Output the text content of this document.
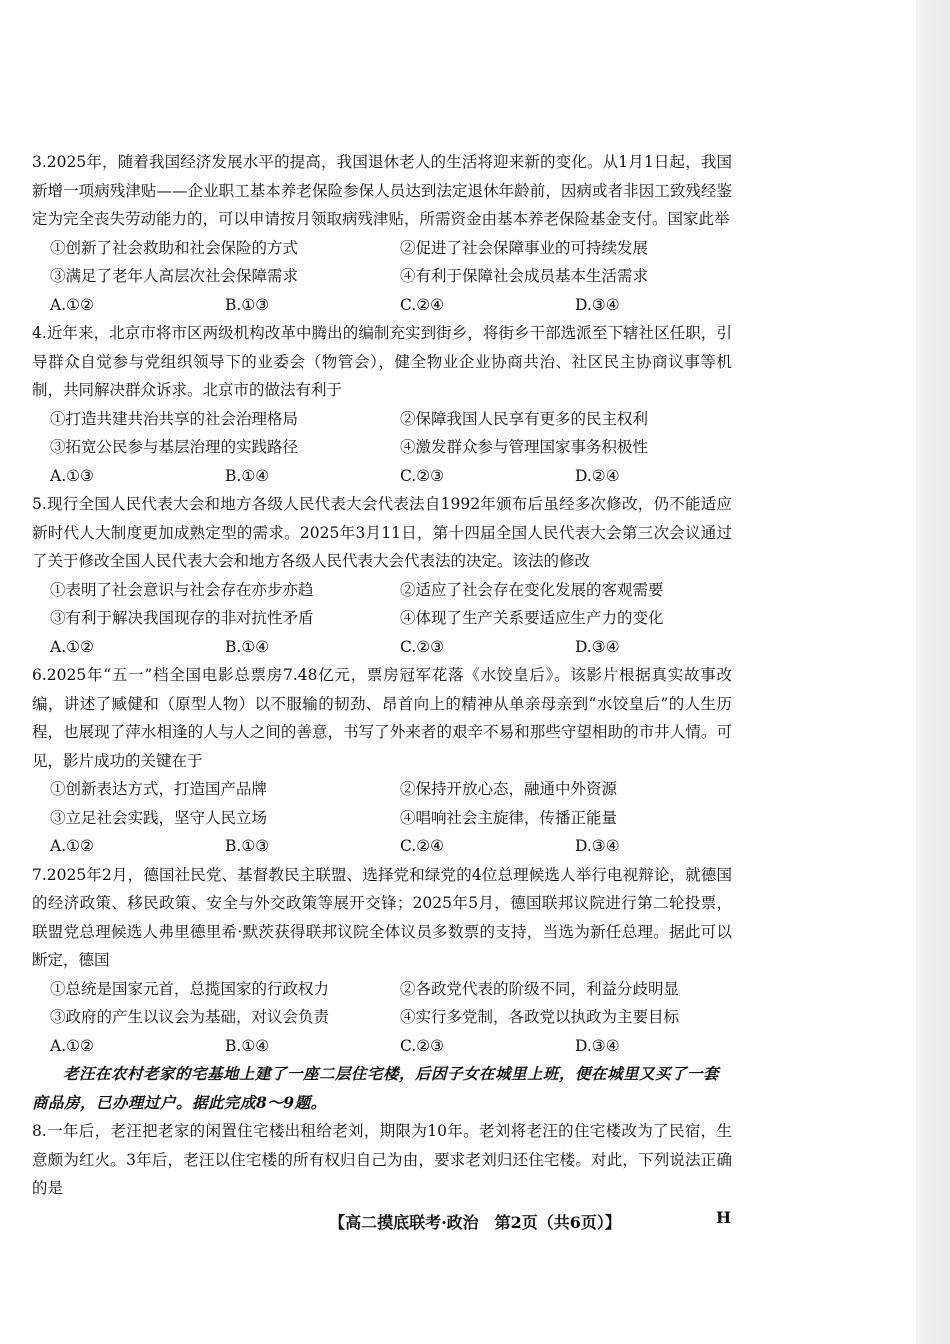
3.2025年，随着我国经济发展水平的提高，我国退休老人的生活将迎来新的变化。从1月1日起，我国新增一项病残津贴——企业职工基本养老保险参保人员达到法定退休年龄前，因病或者非因工致残经鉴定为完全丧失劳动能力的，可以申请按月领取病残津贴，所需资金由基本养老保险基金支付。国家此举
①创新了社会救助和社会保险的方式	②促进了社会保障事业的可持续发展
③满足了老年人高层次社会保障需求	④有利于保障社会成员基本生活需求
A.①②	B.①③	C.②④	D.③④
4.近年来，北京市将市区两级机构改革中腾出的编制充实到街乡，将街乡干部选派至下辖社区任职，引导群众自觉参与党组织领导下的业委会（物管会），健全物业企业协商共治、社区民主协商议事等机制，共同解决群众诉求。北京市的做法有利于
①打造共建共治共享的社会治理格局	②保障我国人民享有更多的民主权利
③拓宽公民参与基层治理的实践路径	④激发群众参与管理国家事务积极性
A.①③	B.①④	C.②③	D.②④
5.现行全国人民代表大会和地方各级人民代表大会代表法自1992年颁布后虽经多次修改，仍不能适应新时代人大制度更加成熟定型的需求。2025年3月11日，第十四届全国人民代表大会第三次会议通过了关于修改全国人民代表大会和地方各级人民代表大会代表法的决定。该法的修改
①表明了社会意识与社会存在亦步亦趋	②适应了社会存在变化发展的客观需要
③有利于解决我国现存的非对抗性矛盾	④体现了生产关系要适应生产力的变化
A.①②	B.①④	C.②③	D.③④
6.2025年“五一”档全国电影总票房7.48亿元，票房冠军花落《水饺皇后》。该影片根据真实故事改编，讲述了臧健和（原型人物）以不服输的韧劲、昂首向上的精神从单亲母亲到“水饺皇后”的人生历程，也展现了萍水相逢的人与人之间的善意，书写了外来者的艰辛不易和那些守望相助的市井人情。可见，影片成功的关键在于
①创新表达方式，打造国产品牌	②保持开放心态，融通中外资源
③立足社会实践，坚守人民立场	④唱响社会主旋律，传播正能量
A.①②	B.①③	C.②④	D.③④
7.2025年2月，德国社民党、基督教民主联盟、选择党和绿党的4位总理候选人举行电视辩论，就德国的经济政策、移民政策、安全与外交政策等展开交锋；2025年5月，德国联邦议院进行第二轮投票，联盟党总理候选人弗里德里希·默茨获得联邦议院全体议员多数票的支持，当选为新任总理。据此可以断定，德国
①总统是国家元首，总揽国家的行政权力	②各政党代表的阶级不同，利益分歧明显
③政府的产生以议会为基础，对议会负责	④实行多党制，各政党以执政为主要目标
A.①②	B.①④	C.②③	D.③④
老汪在农村老家的宅基地上建了一座二层住宅楼，后因子女在城里上班，便在城里又买了一套商品房，已办理过户。据此完成8～9题。
8.一年后，老汪把老家的闲置住宅楼出租给老刘，期限为10年。老刘将老汪的住宅楼改为了民宿，生意颇为红火。3年后，老汪以住宅楼的所有权归自己为由，要求老刘归还住宅楼。对此，下列说法正确的是
【高二摸底联考·政治　第2页（共6页）】	H
